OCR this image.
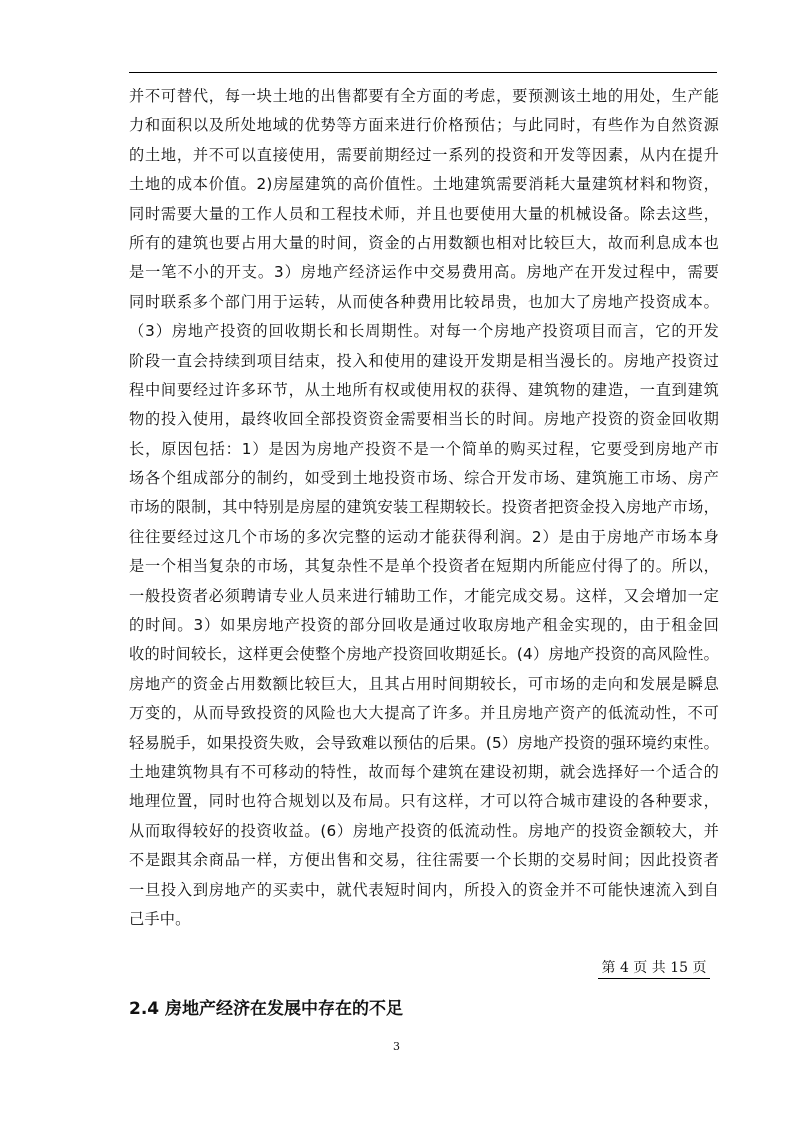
并不可替代，每一块土地的出售都要有全方面的考虑，要预测该土地的用处，生产能
力和面积以及所处地域的优势等方面来进行价格预估；与此同时，有些作为自然资源
的土地，并不可以直接使用，需要前期经过一系列的投资和开发等因素，从内在提升
土地的成本价值。2)房屋建筑的高价值性。土地建筑需要消耗大量建筑材料和物资，
同时需要大量的工作人员和工程技术师，并且也要使用大量的机械设备。除去这些，
所有的建筑也要占用大量的时间，资金的占用数额也相对比较巨大，故而利息成本也
是一笔不小的开支。3）房地产经济运作中交易费用高。房地产在开发过程中，需要
同时联系多个部门用于运转，从而使各种费用比较昂贵，也加大了房地产投资成本。
（3）房地产投资的回收期长和长周期性。对每一个房地产投资项目而言，它的开发
阶段一直会持续到项目结束，投入和使用的建设开发期是相当漫长的。房地产投资过
程中间要经过许多环节，从土地所有权或使用权的获得、建筑物的建造，一直到建筑
物的投入使用，最终收回全部投资资金需要相当长的时间。房地产投资的资金回收期
长，原因包括：1）是因为房地产投资不是一个简单的购买过程，它要受到房地产市
场各个组成部分的制约，如受到土地投资市场、综合开发市场、建筑施工市场、房产
市场的限制，其中特别是房屋的建筑安装工程期较长。投资者把资金投入房地产市场，
往往要经过这几个市场的多次完整的运动才能获得利润。2）是由于房地产市场本身
是一个相当复杂的市场，其复杂性不是单个投资者在短期内所能应付得了的。所以，
一般投资者必须聘请专业人员来进行辅助工作，才能完成交易。这样，又会增加一定
的时间。3）如果房地产投资的部分回收是通过收取房地产租金实现的，由于租金回
收的时间较长，这样更会使整个房地产投资回收期延长。(4）房地产投资的高风险性。
房地产的资金占用数额比较巨大，且其占用时间期较长，可市场的走向和发展是瞬息
万变的，从而导致投资的风险也大大提高了许多。并且房地产资产的低流动性，不可
轻易脱手，如果投资失败，会导致难以预估的后果。(5）房地产投资的强环境约束性。
土地建筑物具有不可移动的特性，故而每个建筑在建设初期，就会选择好一个适合的
地理位置，同时也符合规划以及布局。只有这样，才可以符合城市建设的各种要求，
从而取得较好的投资收益。(6）房地产投资的低流动性。房地产的投资金额较大，并
不是跟其余商品一样，方便出售和交易，往往需要一个长期的交易时间；因此投资者
一旦投入到房地产的买卖中，就代表短时间内，所投入的资金并不可能快速流入到自
己手中。
第 4 页 共 15 页
2.4 房地产经济在发展中存在的不足
3
